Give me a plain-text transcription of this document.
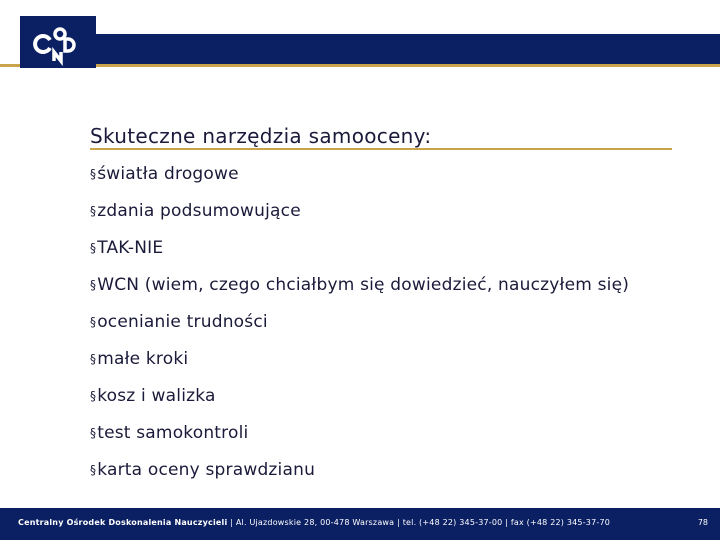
Skuteczne narzędzia samooceny:
§światła drogowe
§zdania podsumowujące
§TAK-NIE
§WCN (wiem, czego chciałbym się dowiedzieć, nauczyłem się)
§ocenianie trudności
§małe kroki
§kosz i walizka
§test samokontroli
§karta oceny sprawdzianu
Centralny Ośrodek Doskonalenia Nauczycieli | Al. Ujazdowskie 28, 00-478 Warszawa | tel. (+48 22) 345-37-00 | fax (+48 22) 345-37-70	78
